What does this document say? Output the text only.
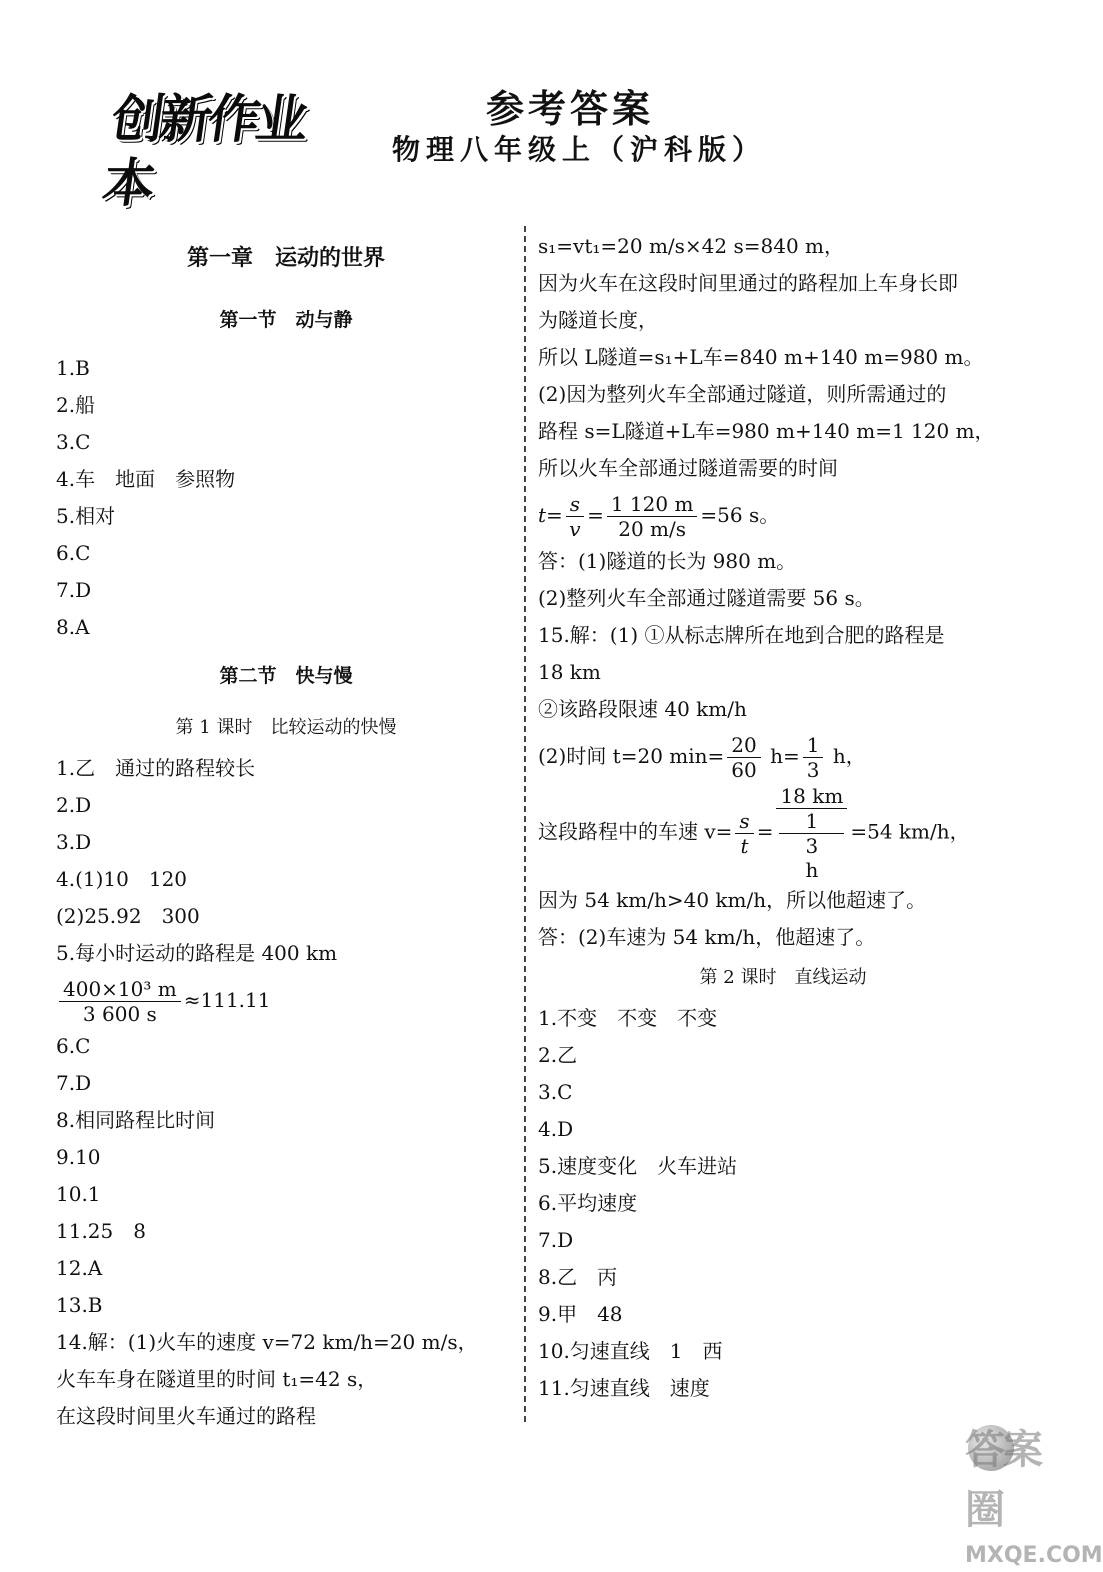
创新作业本
参考答案
物理八年级上（沪科版）
第一章　运动的世界
第一节　动与静
1.B
2.船
3.C
4.车　地面　参照物
5.相对
6.C
7.D
8.A
第二节　快与慢
第 1 课时　比较运动的快慢
1.乙　通过的路程较长
2.D
3.D
4.(1)10　120
(2)25.92　300
5.每小时运动的路程是 400 km
$\frac{\text{400×10³ m}}{3 600 s} \approx 111.11$
6.C
7.D
8.相同路程比时间
9.10
10.1
11.25　8
12.A
13.B
14.解：(1)火车的速度 v=72 km/h=20 m/s，
火车车身在隧道里的时间 t₁=42 s，
在这段时间里火车通过的路程
s₁=vt₁=20 m/s×42 s=840 m，
因为火车在这段时间里通过的路程加上车身长即
为隧道长度，
所以 L隧道=s₁+L车=840 m+140 m=980 m。
(2)因为整列火车全部通过隧道，则所需通过的
路程 s=L隧道+L车=980 m+140 m=1 120 m，
所以火车全部通过隧道需要的时间
$t= \frac{s}{v} = \frac{1 120 m}{20 m/s} =56$ s。
答：(1)隧道的长为 980 m。
(2)整列火车全部通过隧道需要 56 s。
15.解：(1) ①从标志牌所在地到合肥的路程是
18 km
②该路段限速 40 km/h
(2)时间 t=20 $\min= \frac{20}{60} h= \frac{1}{3}$ h，
这段路程中的车速 $v= \frac{s}{t} = 18$ km
1
3
h =54 km/h，
因为 54 km/h>40 km/h，所以他超速了。
答：(2)车速为 54 km/h，他超速了。
第 2 课时　直线运动
1.不变　不变　不变
2.乙
3.C
4.D
5.速度变化　火车进站
6.平均速度
7.D
8.乙　丙
9.甲　48
10.匀速直线　1　西
11.匀速直线　速度
答案圈
MXQE.COM
